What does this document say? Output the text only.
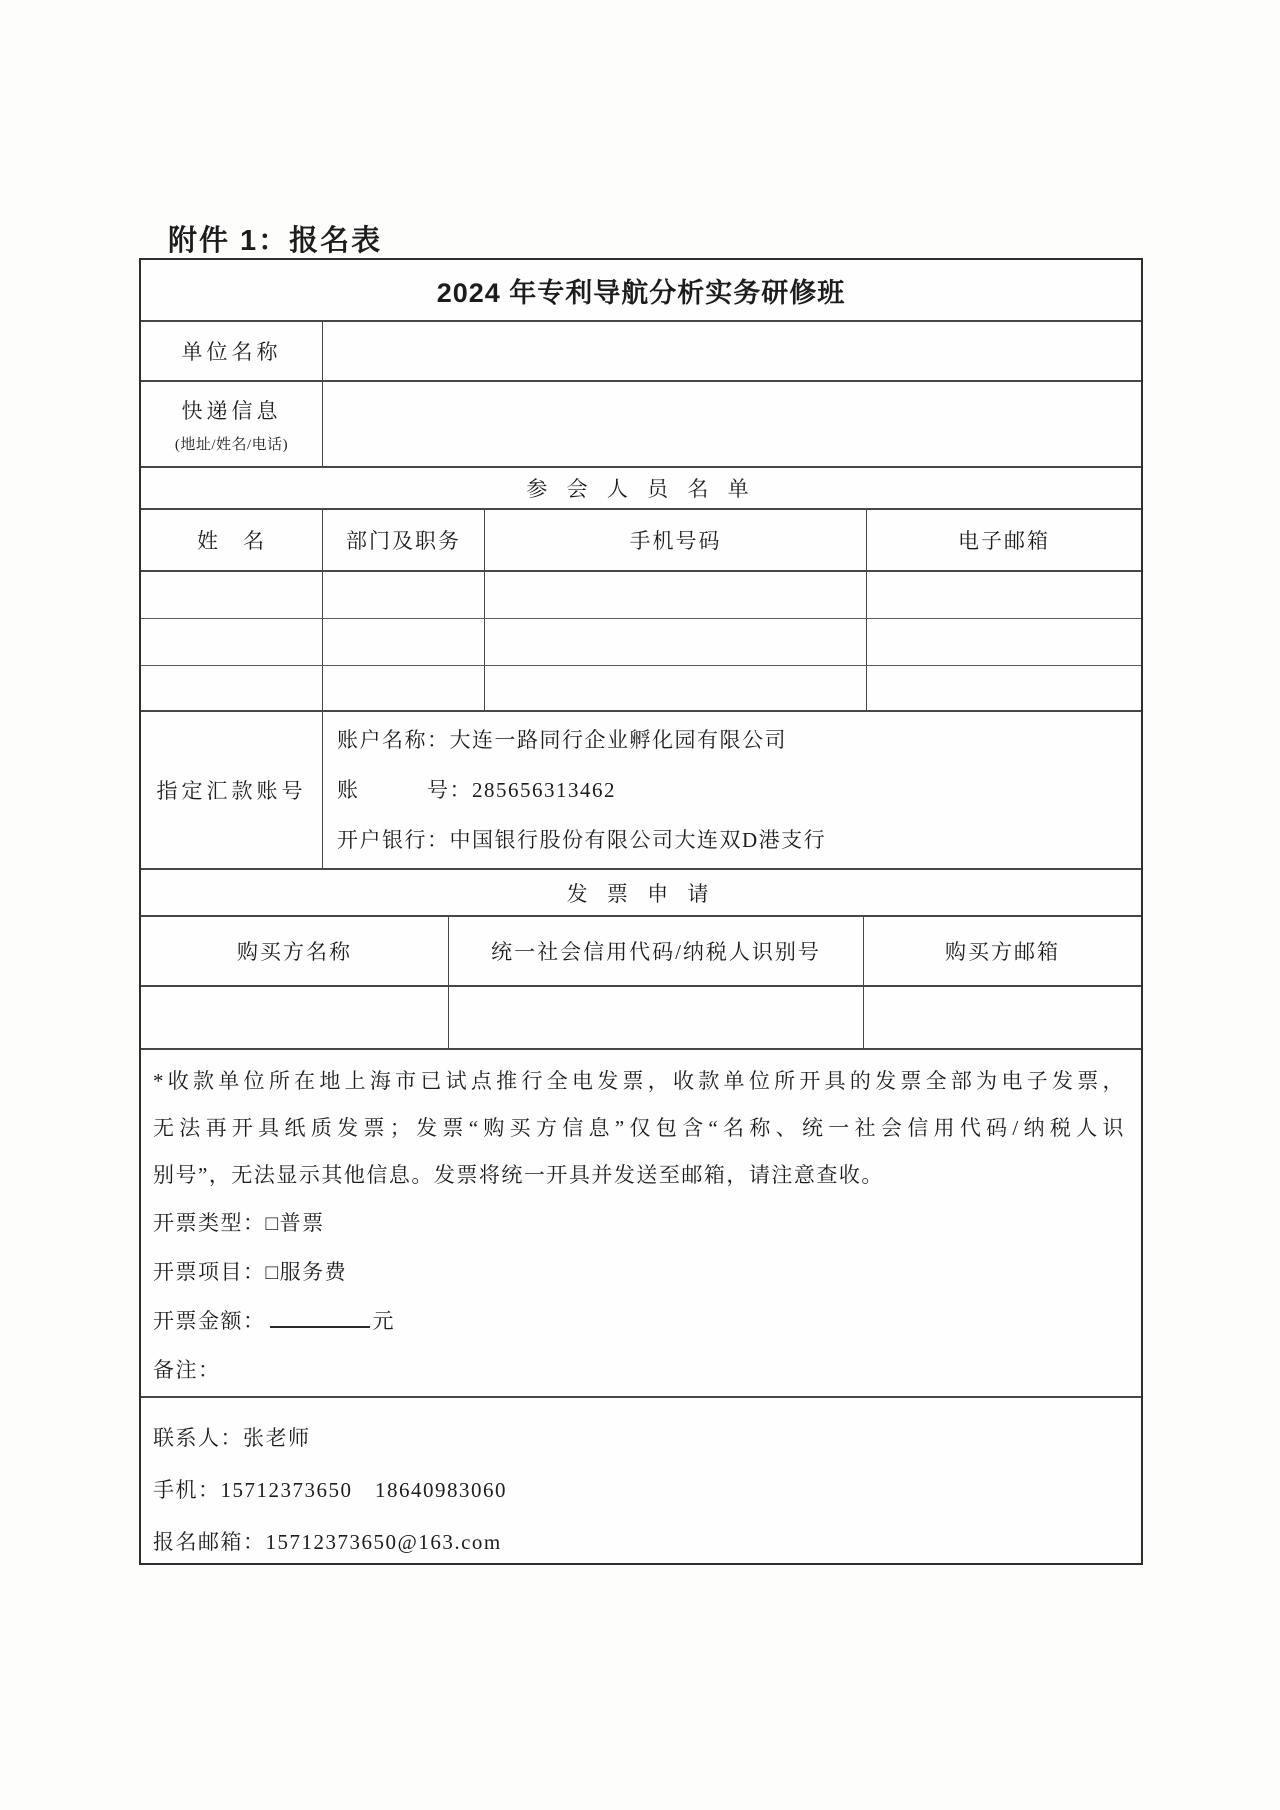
附件 1：报名表
2024 年专利导航分析实务研修班
单位名称
快递信息
(地址/姓名/电话)
参 会 人 员 名 单
姓　名	部门及职务	手机号码	电子邮箱
指定汇款账号
账户名称：大连一路同行企业孵化园有限公司
账　　　号：285656313462
开户银行：中国银行股份有限公司大连双D港支行
发 票 申 请
购买方名称	统一社会信用代码/纳税人识别号	购买方邮箱
*收款单位所在地上海市已试点推行全电发票，收款单位所开具的发票全部为电子发票，
无法再开具纸质发票；发票“购买方信息”仅包含“名称、统一社会信用代码/纳税人识
别号”，无法显示其他信息。发票将统一开具并发送至邮箱，请注意查收。
开票类型：□普票
开票项目：□服务费
开票金额：	元
备注：
联系人：张老师
手机：15712373650　18640983060
报名邮箱：15712373650@163.com
